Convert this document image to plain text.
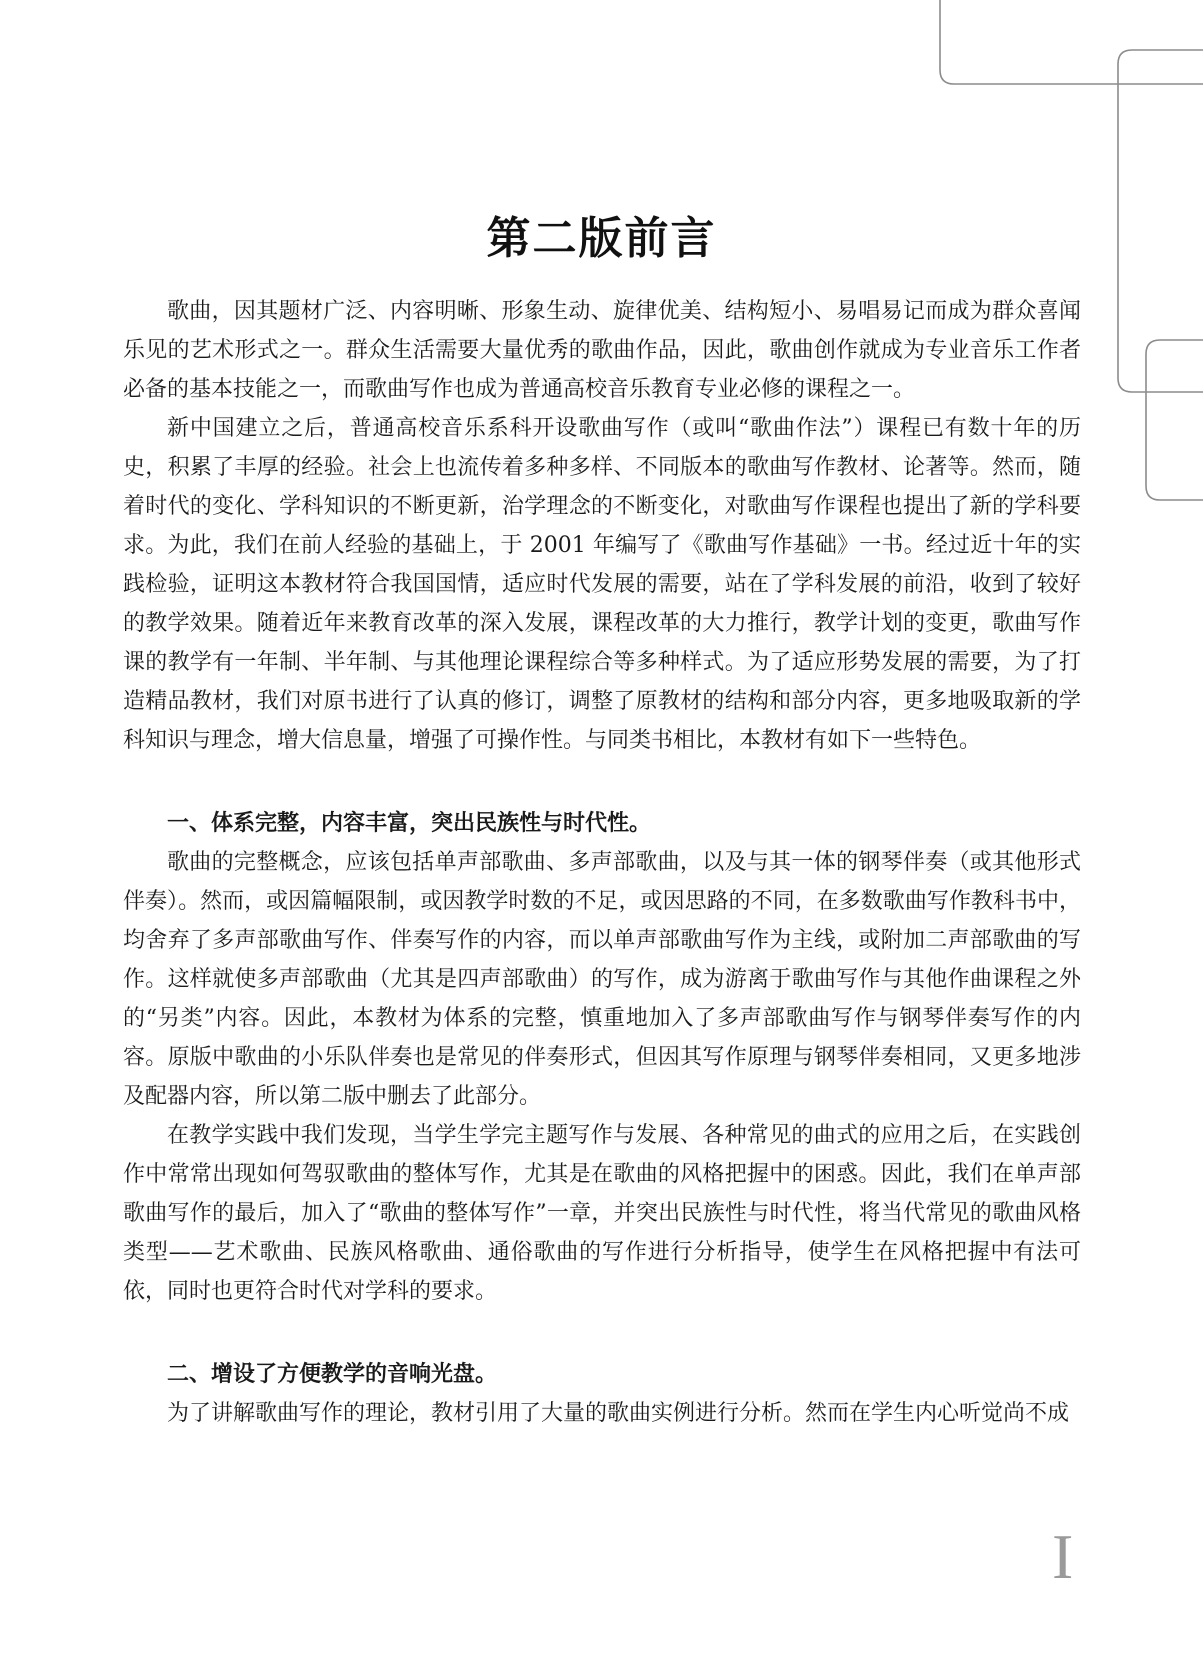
第二版前言

歌曲，因其题材广泛、内容明晰、形象生动、旋律优美、结构短小、易唱易记而成为群众喜闻乐见的艺术形式之一。群众生活需要大量优秀的歌曲作品，因此，歌曲创作就成为专业音乐工作者必备的基本技能之一，而歌曲写作也成为普通高校音乐教育专业必修的课程之一。

新中国建立之后，普通高校音乐系科开设歌曲写作（或叫“歌曲作法”）课程已有数十年的历史，积累了丰厚的经验。社会上也流传着多种多样、不同版本的歌曲写作教材、论著等。然而，随着时代的变化、学科知识的不断更新，治学理念的不断变化，对歌曲写作课程也提出了新的学科要求。为此，我们在前人经验的基础上，于 2001 年编写了《歌曲写作基础》一书。经过近十年的实践检验，证明这本教材符合我国国情，适应时代发展的需要，站在了学科发展的前沿，收到了较好的教学效果。随着近年来教育改革的深入发展，课程改革的大力推行，教学计划的变更，歌曲写作课的教学有一年制、半年制、与其他理论课程综合等多种样式。为了适应形势发展的需要，为了打造精品教材，我们对原书进行了认真的修订，调整了原教材的结构和部分内容，更多地吸取新的学科知识与理念，增大信息量，增强了可操作性。与同类书相比，本教材有如下一些特色。

一、体系完整，内容丰富，突出民族性与时代性。

歌曲的完整概念，应该包括单声部歌曲、多声部歌曲，以及与其一体的钢琴伴奏（或其他形式伴奏）。然而，或因篇幅限制，或因教学时数的不足，或因思路的不同，在多数歌曲写作教科书中，均舍弃了多声部歌曲写作、伴奏写作的内容，而以单声部歌曲写作为主线，或附加二声部歌曲的写作。这样就使多声部歌曲（尤其是四声部歌曲）的写作，成为游离于歌曲写作与其他作曲课程之外的“另类”内容。因此，本教材为体系的完整，慎重地加入了多声部歌曲写作与钢琴伴奏写作的内容。原版中歌曲的小乐队伴奏也是常见的伴奏形式，但因其写作原理与钢琴伴奏相同，又更多地涉及配器内容，所以第二版中删去了此部分。

在教学实践中我们发现，当学生学完主题写作与发展、各种常见的曲式的应用之后，在实践创作中常常出现如何驾驭歌曲的整体写作，尤其是在歌曲的风格把握中的困惑。因此，我们在单声部歌曲写作的最后，加入了“歌曲的整体写作”一章，并突出民族性与时代性，将当代常见的歌曲风格类型——艺术歌曲、民族风格歌曲、通俗歌曲的写作进行分析指导，使学生在风格把握中有法可依，同时也更符合时代对学科的要求。

二、增设了方便教学的音响光盘。

为了讲解歌曲写作的理论，教材引用了大量的歌曲实例进行分析。然而在学生内心听觉尚不成

I
